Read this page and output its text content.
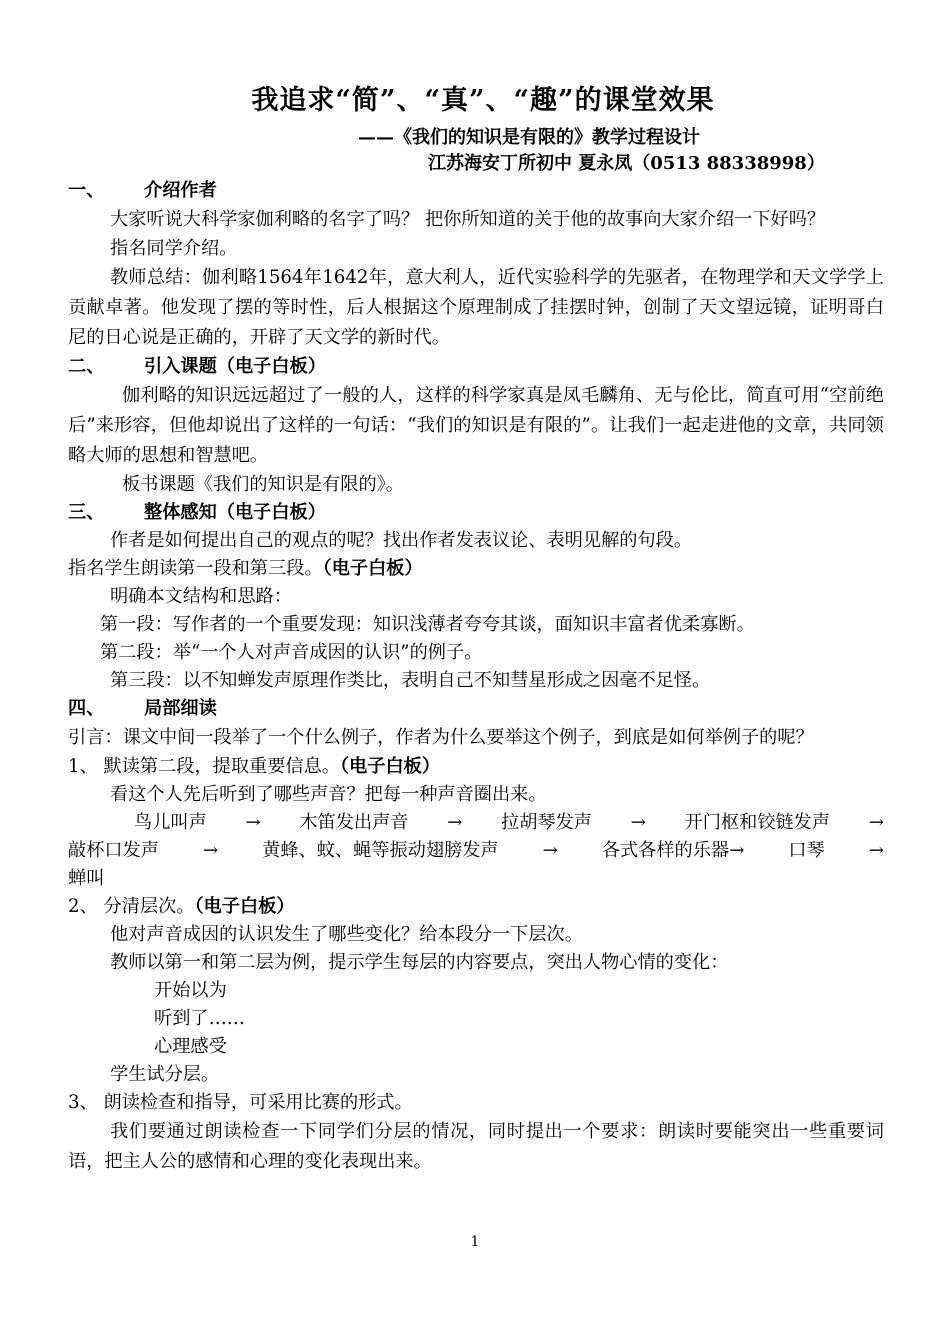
我追求“简”、“真”、“趣”的课堂效果
——《我们的知识是有限的》教学过程设计
江苏海安丁所初中 夏永凤（0513 88338998）
一、 介绍作者
大家听说大科学家伽利略的名字了吗？ 把你所知道的关于他的故事向大家介绍一下好吗？
指名同学介绍。
教师总结：伽利略1564年1642年，意大利人，近代实验科学的先驱者，在物理学和天文学学上贡献卓著。他发现了摆的等时性，后人根据这个原理制成了挂摆时钟，创制了天文望远镜，证明哥白尼的日心说是正确的，开辟了天文学的新时代。
二、 引入课题（电子白板）
伽利略的知识远远超过了一般的人，这样的科学家真是凤毛麟角、无与伦比，简直可用“空前绝后”来形容，但他却说出了这样的一句话：“我们的知识是有限的”。让我们一起走进他的文章，共同领略大师的思想和智慧吧。
板书课题《我们的知识是有限的》。
三、 整体感知（电子白板）
作者是如何提出自己的观点的呢？找出作者发表议论、表明见解的句段。
指名学生朗读第一段和第三段。（电子白板）
明确本文结构和思路：
第一段：写作者的一个重要发现：知识浅薄者夸夸其谈，面知识丰富者优柔寡断。
第二段：举“一个人对声音成因的认识”的例子。
第三段：以不知蝉发声原理作类比，表明自己不知彗星形成之因毫不足怪。
四、 局部细读
引言：课文中间一段举了一个什么例子，作者为什么要举这个例子，到底是如何举例子的呢？
1、 默读第二段，提取重要信息。（电子白板）
看这个人先后听到了哪些声音？把每一种声音圈出来。
鸟儿叫声 → 木笛发出声音 → 拉胡琴发声 → 开门枢和铰链发声 →
敲杯口发声 → 黄蜂、蚊、蝇等振动翅膀发声 → 各式各样的乐器→ 口琴 →
蝉叫
2、 分清层次。（电子白板）
他对声音成因的认识发生了哪些变化？给本段分一下层次。
教师以第一和第二层为例，提示学生每层的内容要点，突出人物心情的变化：
开始以为
听到了……
心理感受
学生试分层。
3、 朗读检查和指导，可采用比赛的形式。
我们要通过朗读检查一下同学们分层的情况，同时提出一个要求：朗读时要能突出一些重要词语，把主人公的感情和心理的变化表现出来。
1
